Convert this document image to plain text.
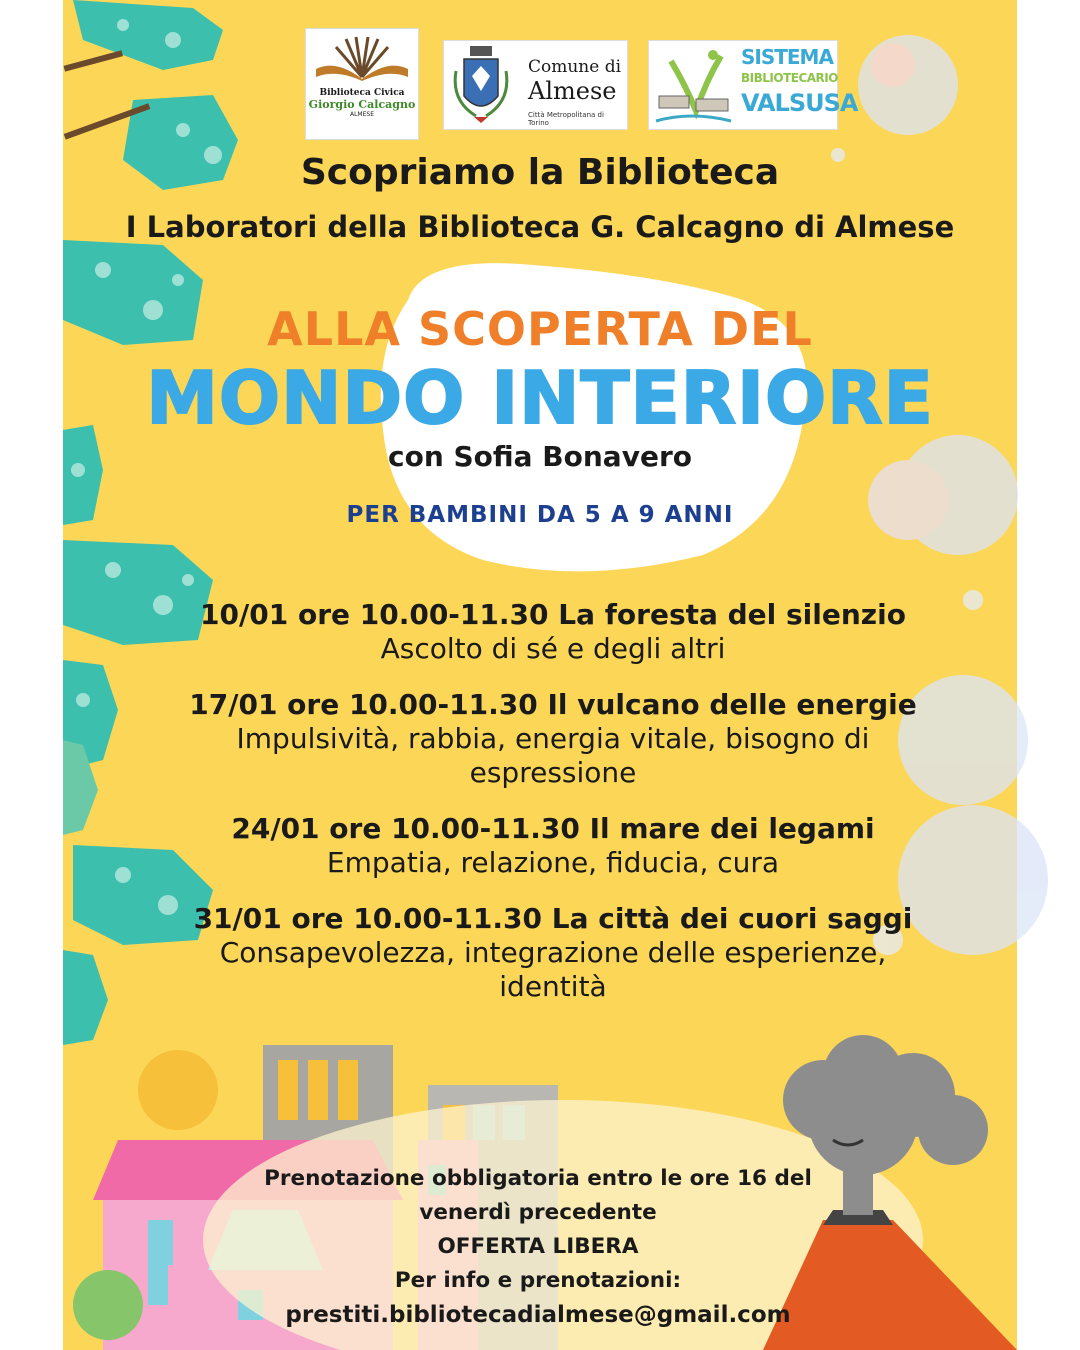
Biblioteca Civica
Giorgio Calcagno
ALMESE
Comune di
Almese
Città Metropolitana di Torino
SISTEMA
BIBLIOTECARIO
VALSUSA
Scopriamo la Biblioteca
I Laboratori della Biblioteca G. Calcagno di Almese
ALLA SCOPERTA DEL
MONDO INTERIORE
con Sofia Bonavero
PER BAMBINI DA 5 A 9 ANNI
10/01 ore 10.00-11.30 La foresta del silenzio
Ascolto di sé e degli altri
17/01 ore 10.00-11.30 Il vulcano delle energie
Impulsività, rabbia, energia vitale, bisogno di espressione
24/01 ore 10.00-11.30 Il mare dei legami
Empatia, relazione, fiducia, cura
31/01 ore 10.00-11.30 La città dei cuori saggi
Consapevolezza, integrazione delle esperienze, identità
Prenotazione obbligatoria entro le ore 16 del
venerdì precedente
OFFERTA LIBERA
Per info e prenotazioni:
prestiti.bibliotecadialmese@gmail.com
